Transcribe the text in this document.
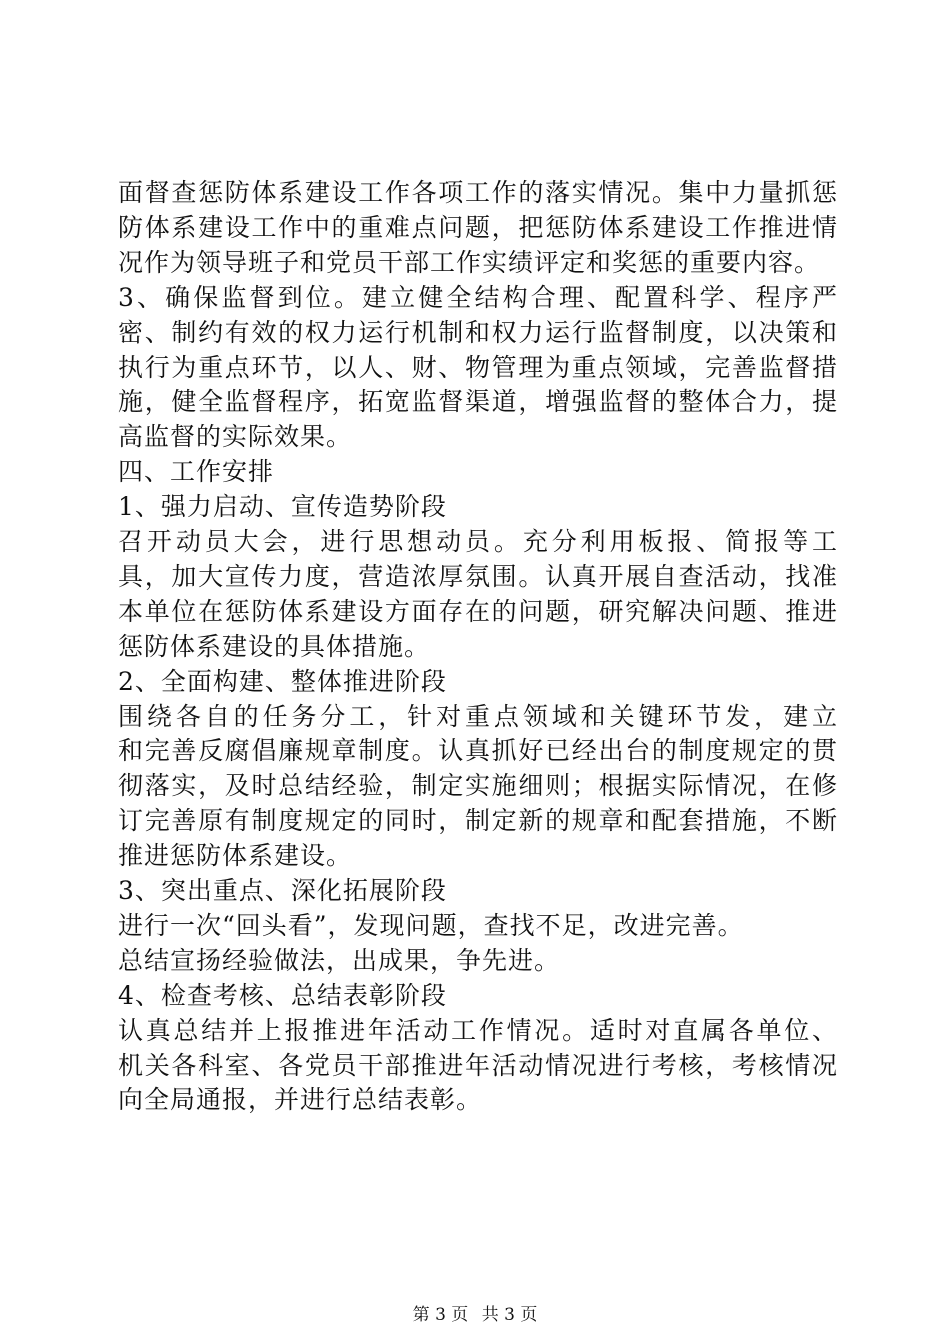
面督查惩防体系建设工作各项工作的落实情况。集中力量抓惩
防体系建设工作中的重难点问题，把惩防体系建设工作推进情
况作为领导班子和党员干部工作实绩评定和奖惩的重要内容。
3、确保监督到位。建立健全结构合理、配置科学、程序严
密、制约有效的权力运行机制和权力运行监督制度，以决策和
执行为重点环节，以人、财、物管理为重点领域，完善监督措
施，健全监督程序，拓宽监督渠道，增强监督的整体合力，提
高监督的实际效果。
四、工作安排
1、强力启动、宣传造势阶段
召开动员大会，进行思想动员。充分利用板报、简报等工
具，加大宣传力度，营造浓厚氛围。认真开展自查活动，找准
本单位在惩防体系建设方面存在的问题，研究解决问题、推进
惩防体系建设的具体措施。
2、全面构建、整体推进阶段
围绕各自的任务分工，针对重点领域和关键环节发，建立
和完善反腐倡廉规章制度。认真抓好已经出台的制度规定的贯
彻落实，及时总结经验，制定实施细则；根据实际情况，在修
订完善原有制度规定的同时，制定新的规章和配套措施，不断
推进惩防体系建设。
3、突出重点、深化拓展阶段
进行一次“回头看”，发现问题，查找不足，改进完善。
总结宣扬经验做法，出成果，争先进。
4、检查考核、总结表彰阶段
认真总结并上报推进年活动工作情况。适时对直属各单位、
机关各科室、各党员干部推进年活动情况进行考核，考核情况
向全局通报，并进行总结表彰。
第 3 页 共 3 页
